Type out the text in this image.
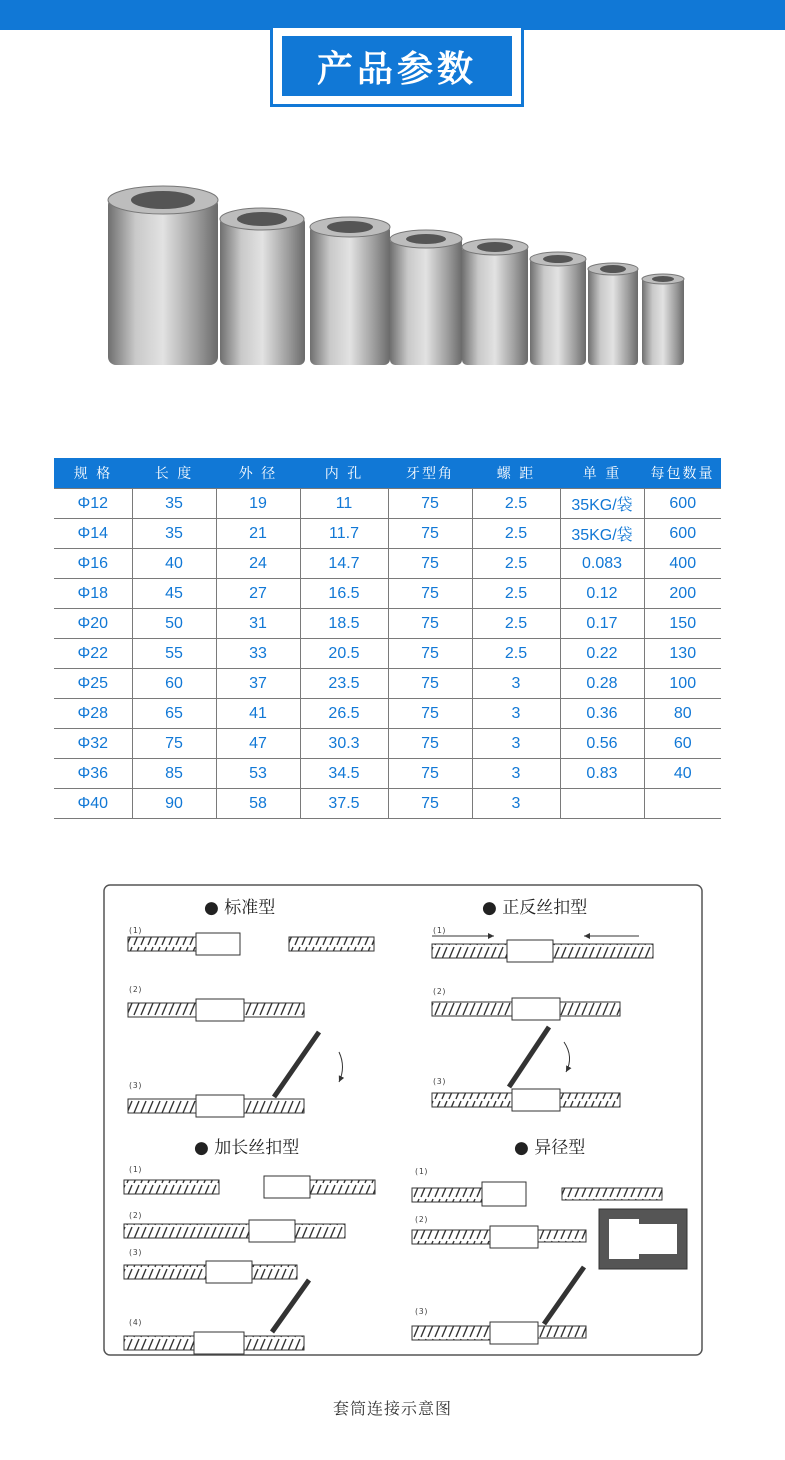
产品参数
规 格	长 度	外 径	内 孔	牙型角	螺 距	单 重	每包数量
Φ12	35	19	11	75	2.5	35KG/袋	600
Φ14	35	21	11.7	75	2.5	35KG/袋	600
Φ16	40	24	14.7	75	2.5	0.083	400
Φ18	45	27	16.5	75	2.5	0.12	200
Φ20	50	31	18.5	75	2.5	0.17	150
Φ22	55	33	20.5	75	2.5	0.22	130
Φ25	60	37	23.5	75	3	0.28	100
Φ28	65	41	26.5	75	3	0.36	80
Φ32	75	47	30.3	75	3	0.56	60
Φ36	85	53	34.5	75	3	0.83	40
Φ40	90	58	37.5	75	3		
● 标准型
(1)
(2)
(3)
● 正反丝扣型
(1)
(2)
(3)
● 加长丝扣型
(1)
(2)
(3)
(4)
● 异径型
(1)
(2)
(3)
套筒连接示意图
